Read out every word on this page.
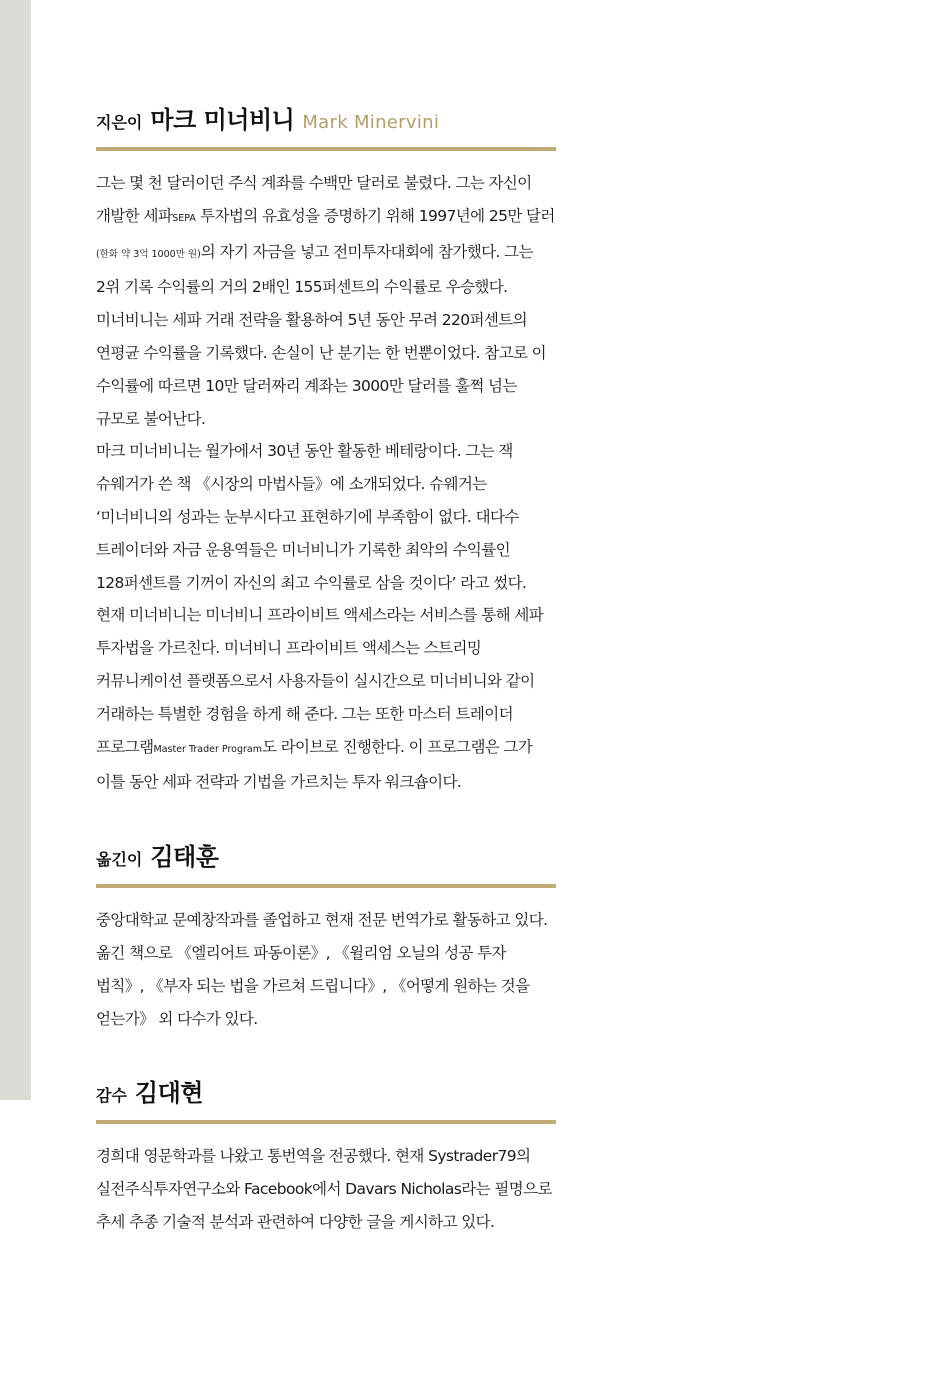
지은이 마크 미너비니 Mark Minervini

그는 몇 천 달러이던 주식 계좌를 수백만 달러로 불렸다. 그는 자신이 개발한 세파SEPA 투자법의 유효성을 증명하기 위해 1997년에 25만 달러(한화 약 3억 1000만 원)의 자기 자금을 넣고 전미투자대회에 참가했다. 그는 2위 기록 수익률의 거의 2배인 155퍼센트의 수익률로 우승했다.

미너비니는 세파 거래 전략을 활용하여 5년 동안 무려 220퍼센트의 연평균 수익률을 기록했다. 손실이 난 분기는 한 번뿐이었다. 참고로 이 수익률에 따르면 10만 달러짜리 계좌는 3000만 달러를 훌쩍 넘는 규모로 불어난다.

마크 미너비니는 월가에서 30년 동안 활동한 베테랑이다. 그는 잭 슈웨거가 쓴 책 《시장의 마법사들》에 소개되었다. 슈웨거는 ‘미너비니의 성과는 눈부시다고 표현하기에 부족함이 없다. 대다수 트레이더와 자금 운용역들은 미너비니가 기록한 최악의 수익률인 128퍼센트를 기꺼이 자신의 최고 수익률로 삼을 것이다’ 라고 썼다.

현재 미너비니는 미너비니 프라이비트 액세스라는 서비스를 통해 세파 투자법을 가르친다. 미너비니 프라이비트 액세스는 스트리밍 커뮤니케이션 플랫폼으로서 사용자들이 실시간으로 미너비니와 같이 거래하는 특별한 경험을 하게 해 준다. 그는 또한 마스터 트레이더 프로그램Master Trader Program도 라이브로 진행한다. 이 프로그램은 그가 이틀 동안 세파 전략과 기법을 가르치는 투자 워크숍이다.

옮긴이 김태훈

중앙대학교 문예창작과를 졸업하고 현재 전문 번역가로 활동하고 있다. 옮긴 책으로 《엘리어트 파동이론》, 《윌리엄 오닐의 성공 투자 법칙》, 《부자 되는 법을 가르쳐 드립니다》, 《어떻게 원하는 것을 얻는가》 외 다수가 있다.

감수 김대현

경희대 영문학과를 나왔고 통번역을 전공했다. 현재 Systrader79의 실전주식투자연구소와 Facebook에서 Davars Nicholas라는 필명으로 추세 추종 기술적 분석과 관련하여 다양한 글을 게시하고 있다.
